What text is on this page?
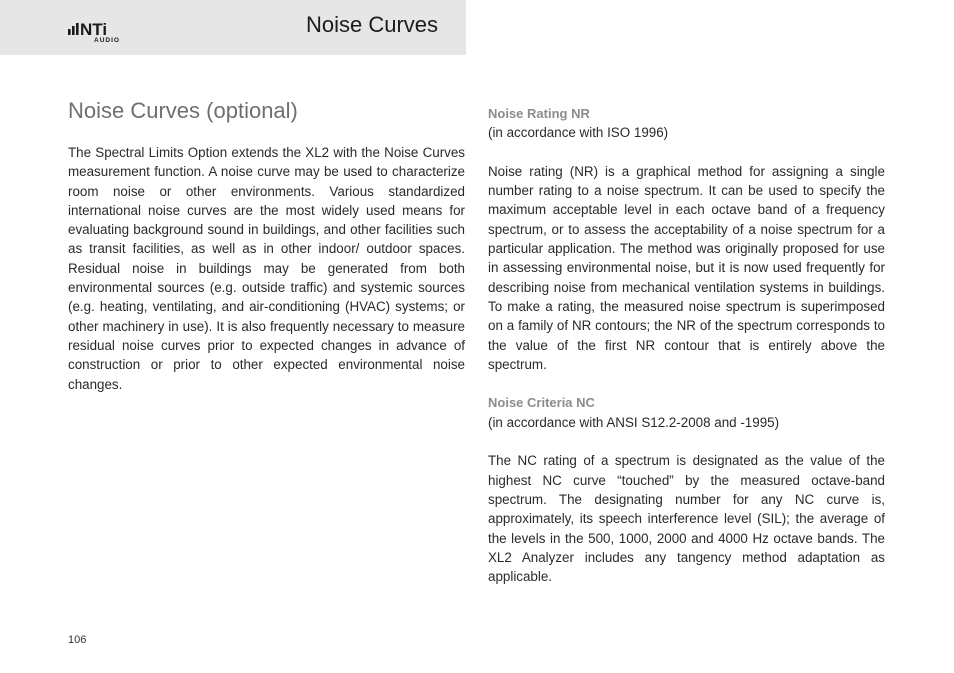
NTi
AUDIO
Noise Curves
Noise Curves (optional)

The Spectral Limits Option extends the XL2 with the Noise Curves measurement function. A noise curve may be used to characterize room noise or other environments. Various standardized international noise curves are the most widely used means for evaluating background sound in buildings, and other facilities such as transit facilities, as well as in other indoor/ outdoor spaces. Residual noise in buildings may be generated from both environmental sources (e.g. outside traffic) and systemic sources (e.g. heating, ventilating, and air-conditioning (HVAC) systems; or other machinery in use). It is also frequently necessary to measure residual noise curves prior to expected changes in advance of construction or prior to other expected environmental noise changes.

Noise Rating NR

(in accordance with ISO 1996)

Noise rating (NR) is a graphical method for assigning a single number rating to a noise spectrum. It can be used to specify the maximum acceptable level in each octave band of a frequency spectrum, or to assess the acceptability of a noise spectrum for a particular application. The method was originally proposed for use in assessing environmental noise, but it is now used frequently for describing noise from mechanical ventilation systems in buildings. To make a rating, the measured noise spectrum is superimposed on a family of NR contours; the NR of the spectrum corresponds to the value of the first NR contour that is entirely above the spectrum.

Noise Criteria NC

(in accordance with ANSI S12.2-2008 and -1995)

The NC rating of a spectrum is designated as the value of the highest NC curve “touched” by the measured octave-band spectrum. The designating number for any NC curve is, approximately, its speech interference level (SIL); the average of the levels in the 500, 1000, 2000 and 4000 Hz octave bands. The XL2 Analyzer includes any tangency method adaptation as applicable.

106
